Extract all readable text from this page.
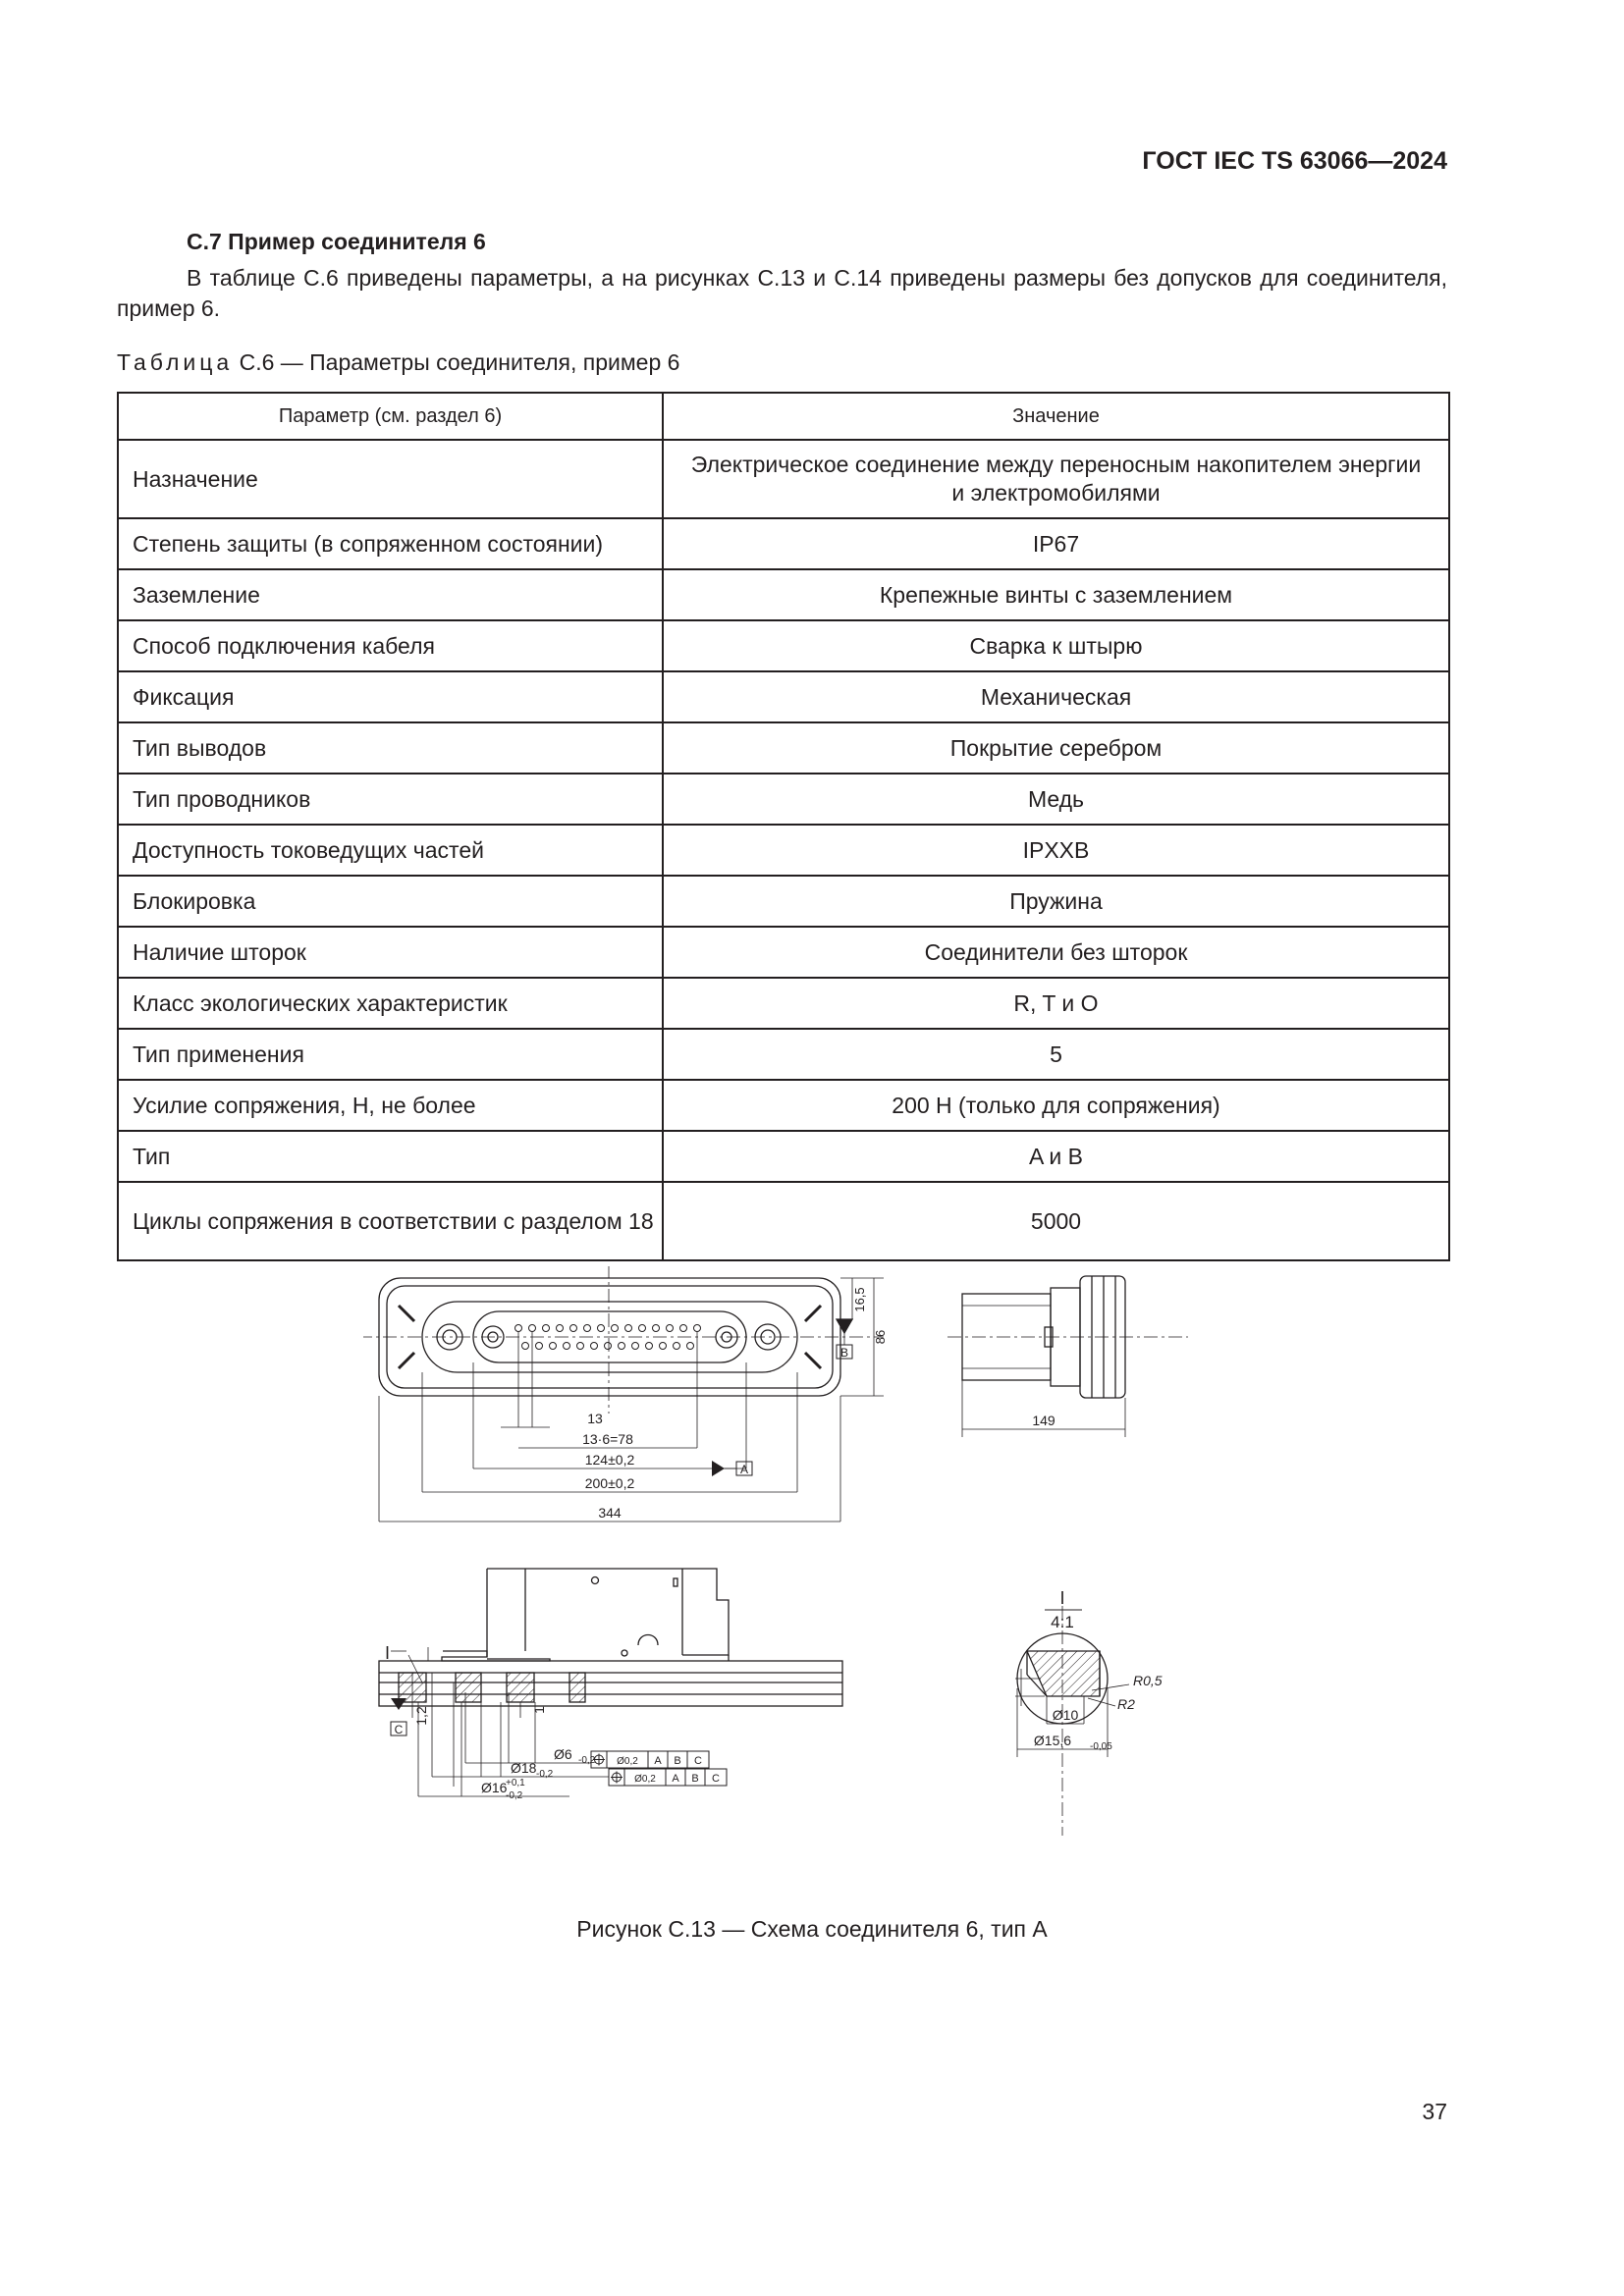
ГОСТ IEC TS 63066—2024
C.7 Пример соединителя 6
В таблице C.6 приведены параметры, а на рисунках C.13 и C.14 приведены размеры без допусков для соединителя, пример 6.
Таблица C.6 — Параметры соединителя, пример 6
Параметр (см. раздел 6)	Значение
Назначение	Электрическое соединение между переносным накопителем энергии и электромобилями
Степень защиты (в сопряженном состоянии)	IP67
Заземление	Крепежные винты с заземлением
Способ подключения кабеля	Сварка к штырю
Фиксация	Механическая
Тип выводов	Покрытие серебром
Тип проводников	Медь
Доступность токоведущих частей	IPXXB
Блокировка	Пружина
Наличие шторок	Соединители без шторок
Класс экологических характеристик	R, T и O
Тип применения	5
Усилие сопряжения, Н, не более	200 Н (только для сопряжения)
Тип	A и B
Циклы сопряжения в соответствии с разделом 18	5000
16,5
86
B
13
13·6=78
124±0,2
200±0,2
344
A
149
I
C
1,2	1
Ø6 -0,2
Ø18 -0,2
Ø16
+0,1
-0,2
Ø0,2 A B C
Ø0,2 A B C
I
4:1
R0,5
R2
Ø10
Ø15,6 -0,05
Рисунок C.13 — Схема соединителя 6, тип A
37
